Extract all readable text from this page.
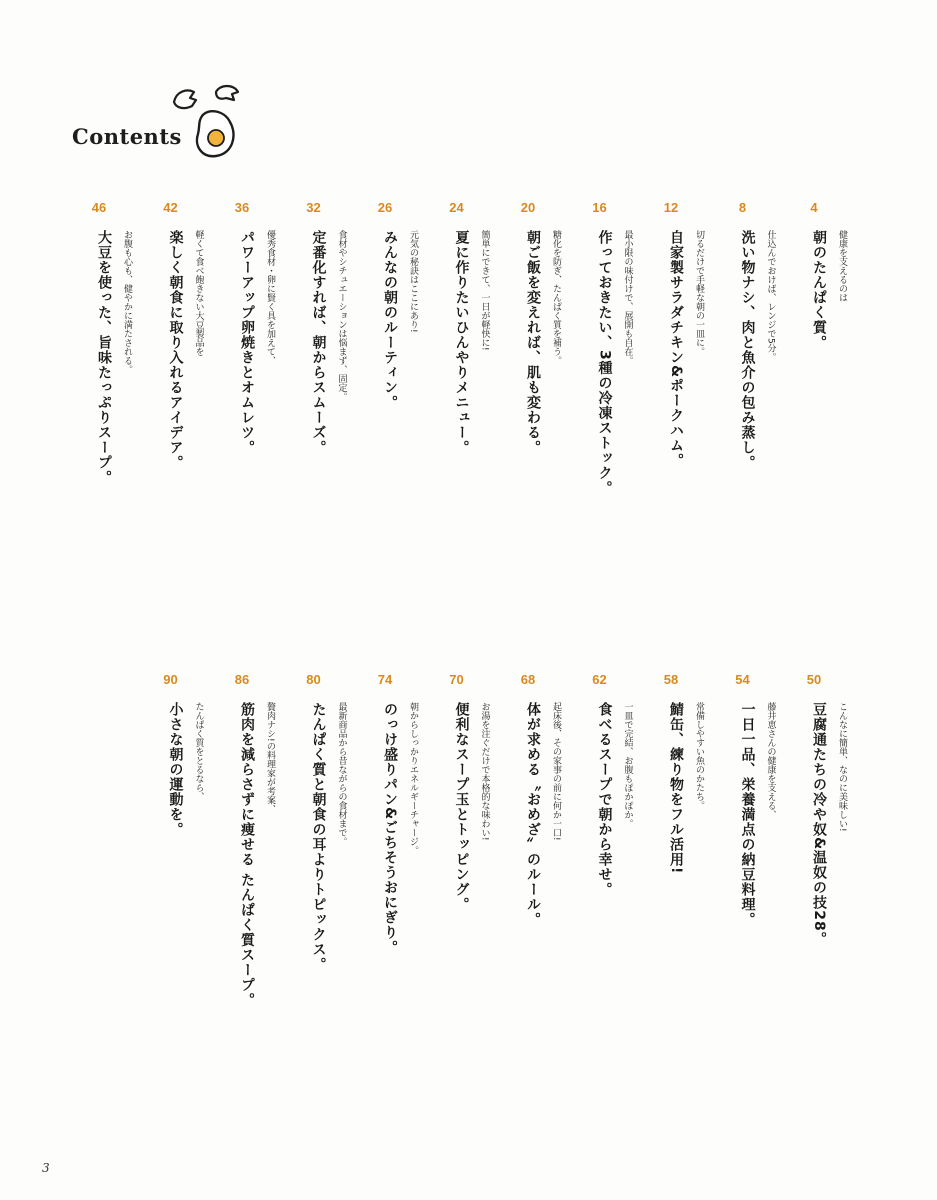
Contents
4
健康を支えるのは
朝のたんぱく質。
8
仕込んでおけば、レンジで5分。
洗い物ナシ、肉と魚介の包み蒸し。
12
切るだけで手軽な朝の一皿に。
自家製サラダチキン&ポークハム。
16
最小限の味付けで、展開も自在。
作っておきたい、3種の冷凍ストック。
20
糖化を防ぎ、たんぱく質を補う。
朝ご飯を変えれば、肌も変わる。
24
簡単にできて、一日が軽快に!
夏に作りたいひんやりメニュー。
26
元気の秘訣はここにあり!
みんなの朝のルーティン。
32
食材やシチュエーションは悩まず、固定。
定番化すれば、朝からスムーズ。
36
優秀食材・卵に賢く具を加えて、
パワーアップ卵焼きとオムレツ。
42
軽くて食べ飽きない大豆製品を
楽しく朝食に取り入れるアイデア。
46
お腹も心も、健やかに満たされる。
大豆を使った、旨味たっぷりスープ。
50
こんなに簡単、なのに美味しい!
豆腐通たちの冷や奴&温奴の技28。
54
藤井恵さんの健康を支える、
一日一品、栄養満点の納豆料理。
58
常備しやすい魚のかたち。
鯖缶、練り物をフル活用!
62
一皿で完結、お腹もぽかぽか。
食べるスープで朝から幸せ。
68
起床後、その家事の前に何か一口!
体が求める〝おめざ〟のルール。
70
お湯を注ぐだけで本格的な味わい!
便利なスープ玉とトッピング。
74
朝からしっかりエネルギーチャージ。
のっけ盛りパン&ごちそうおにぎり。
80
最新商品から昔ながらの食材まで。
たんぱく質と朝食の耳よりトピックス。
86
贅肉ナシ!の料理家が考案、
筋肉を減らさずに痩せる たんぱく質スープ。
90
たんぱく質をとるなら、
小さな朝の運動を。
3
